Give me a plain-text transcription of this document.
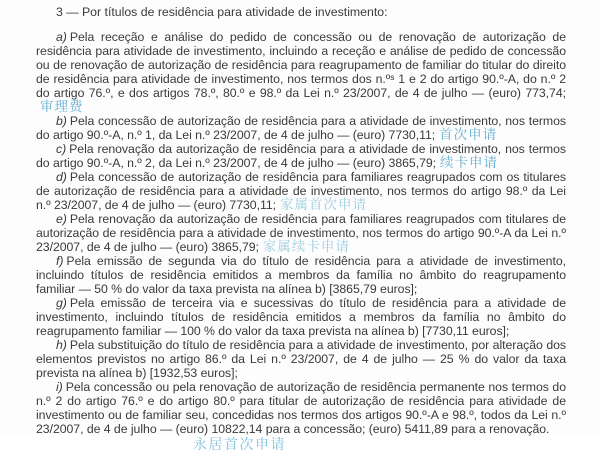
3 — Por títulos de residência para atividade de investimento:

a) Pela receção e análise do pedido de concessão ou de renovação de autorização de residência para atividade de investimento, incluindo a receção e análise de pedido de concessão ou de renovação de autorização de residência para reagrupamento de familiar do titular do direito de residência para atividade de investimento, nos termos dos n.ºˢ 1 e 2 do artigo 90.º-A, do n.º 2 do artigo 76.º, e dos artigos 78.º, 80.º e 98.º da Lei n.º 23/2007, de 4 de julho — (euro) 773,74;审理费

b) Pela concessão de autorização de residência para a atividade de investimento, nos termos do artigo 90.º-A, n.º 1, da Lei n.º 23/2007, de 4 de julho — (euro) 7730,11; 首次申请

c) Pela renovação da autorização de residência para a atividade de investimento, nos termos do artigo 90.º-A, n.º 2, da Lei n.º 23/2007, de 4 de julho — (euro) 3865,79; 续卡申请

d) Pela concessão de autorização de residência para familiares reagrupados com os titulares de autorização de residência para a atividade de investimento, nos termos do artigo 98.º da Lei n.º 23/2007, de 4 de julho — (euro) 7730,11; 家属首次申请

e) Pela renovação da autorização de residência para familiares reagrupados com titulares de autorização de residência para a atividade de investimento, nos termos do artigo 90.º-A da Lei n.º 23/2007, de 4 de julho — (euro) 3865,79; 家属续卡申请

f) Pela emissão de segunda via do título de residência para a atividade de investimento, incluindo títulos de residência emitidos a membros da família no âmbito do reagrupamento familiar — 50 % do valor da taxa prevista na alínea b) [3865,79 euros];

g) Pela emissão de terceira via e sucessivas do título de residência para a atividade de investimento, incluindo títulos de residência emitidos a membros da família no âmbito do reagrupamento familiar — 100 % do valor da taxa prevista na alínea b) [7730,11 euros];

h) Pela substituição do título de residência para a atividade de investimento, por alteração dos elementos previstos no artigo 86.º da Lei n.º 23/2007, de 4 de julho — 25 % do valor da taxa prevista na alínea b) [1932,53 euros];

i) Pela concessão ou pela renovação de autorização de residência permanente nos termos do n.º 2 do artigo 76.º e do artigo 80.º para titular de autorização de residência para atividade de investimento ou de familiar seu, concedidas nos termos dos artigos 90.º-A e 98.º, todos da Lei n.º 23/2007, de 4 de julho — (euro) 10822,14 para a concessão; (euro) 5411,89 para a renovação.

永居首次申请
